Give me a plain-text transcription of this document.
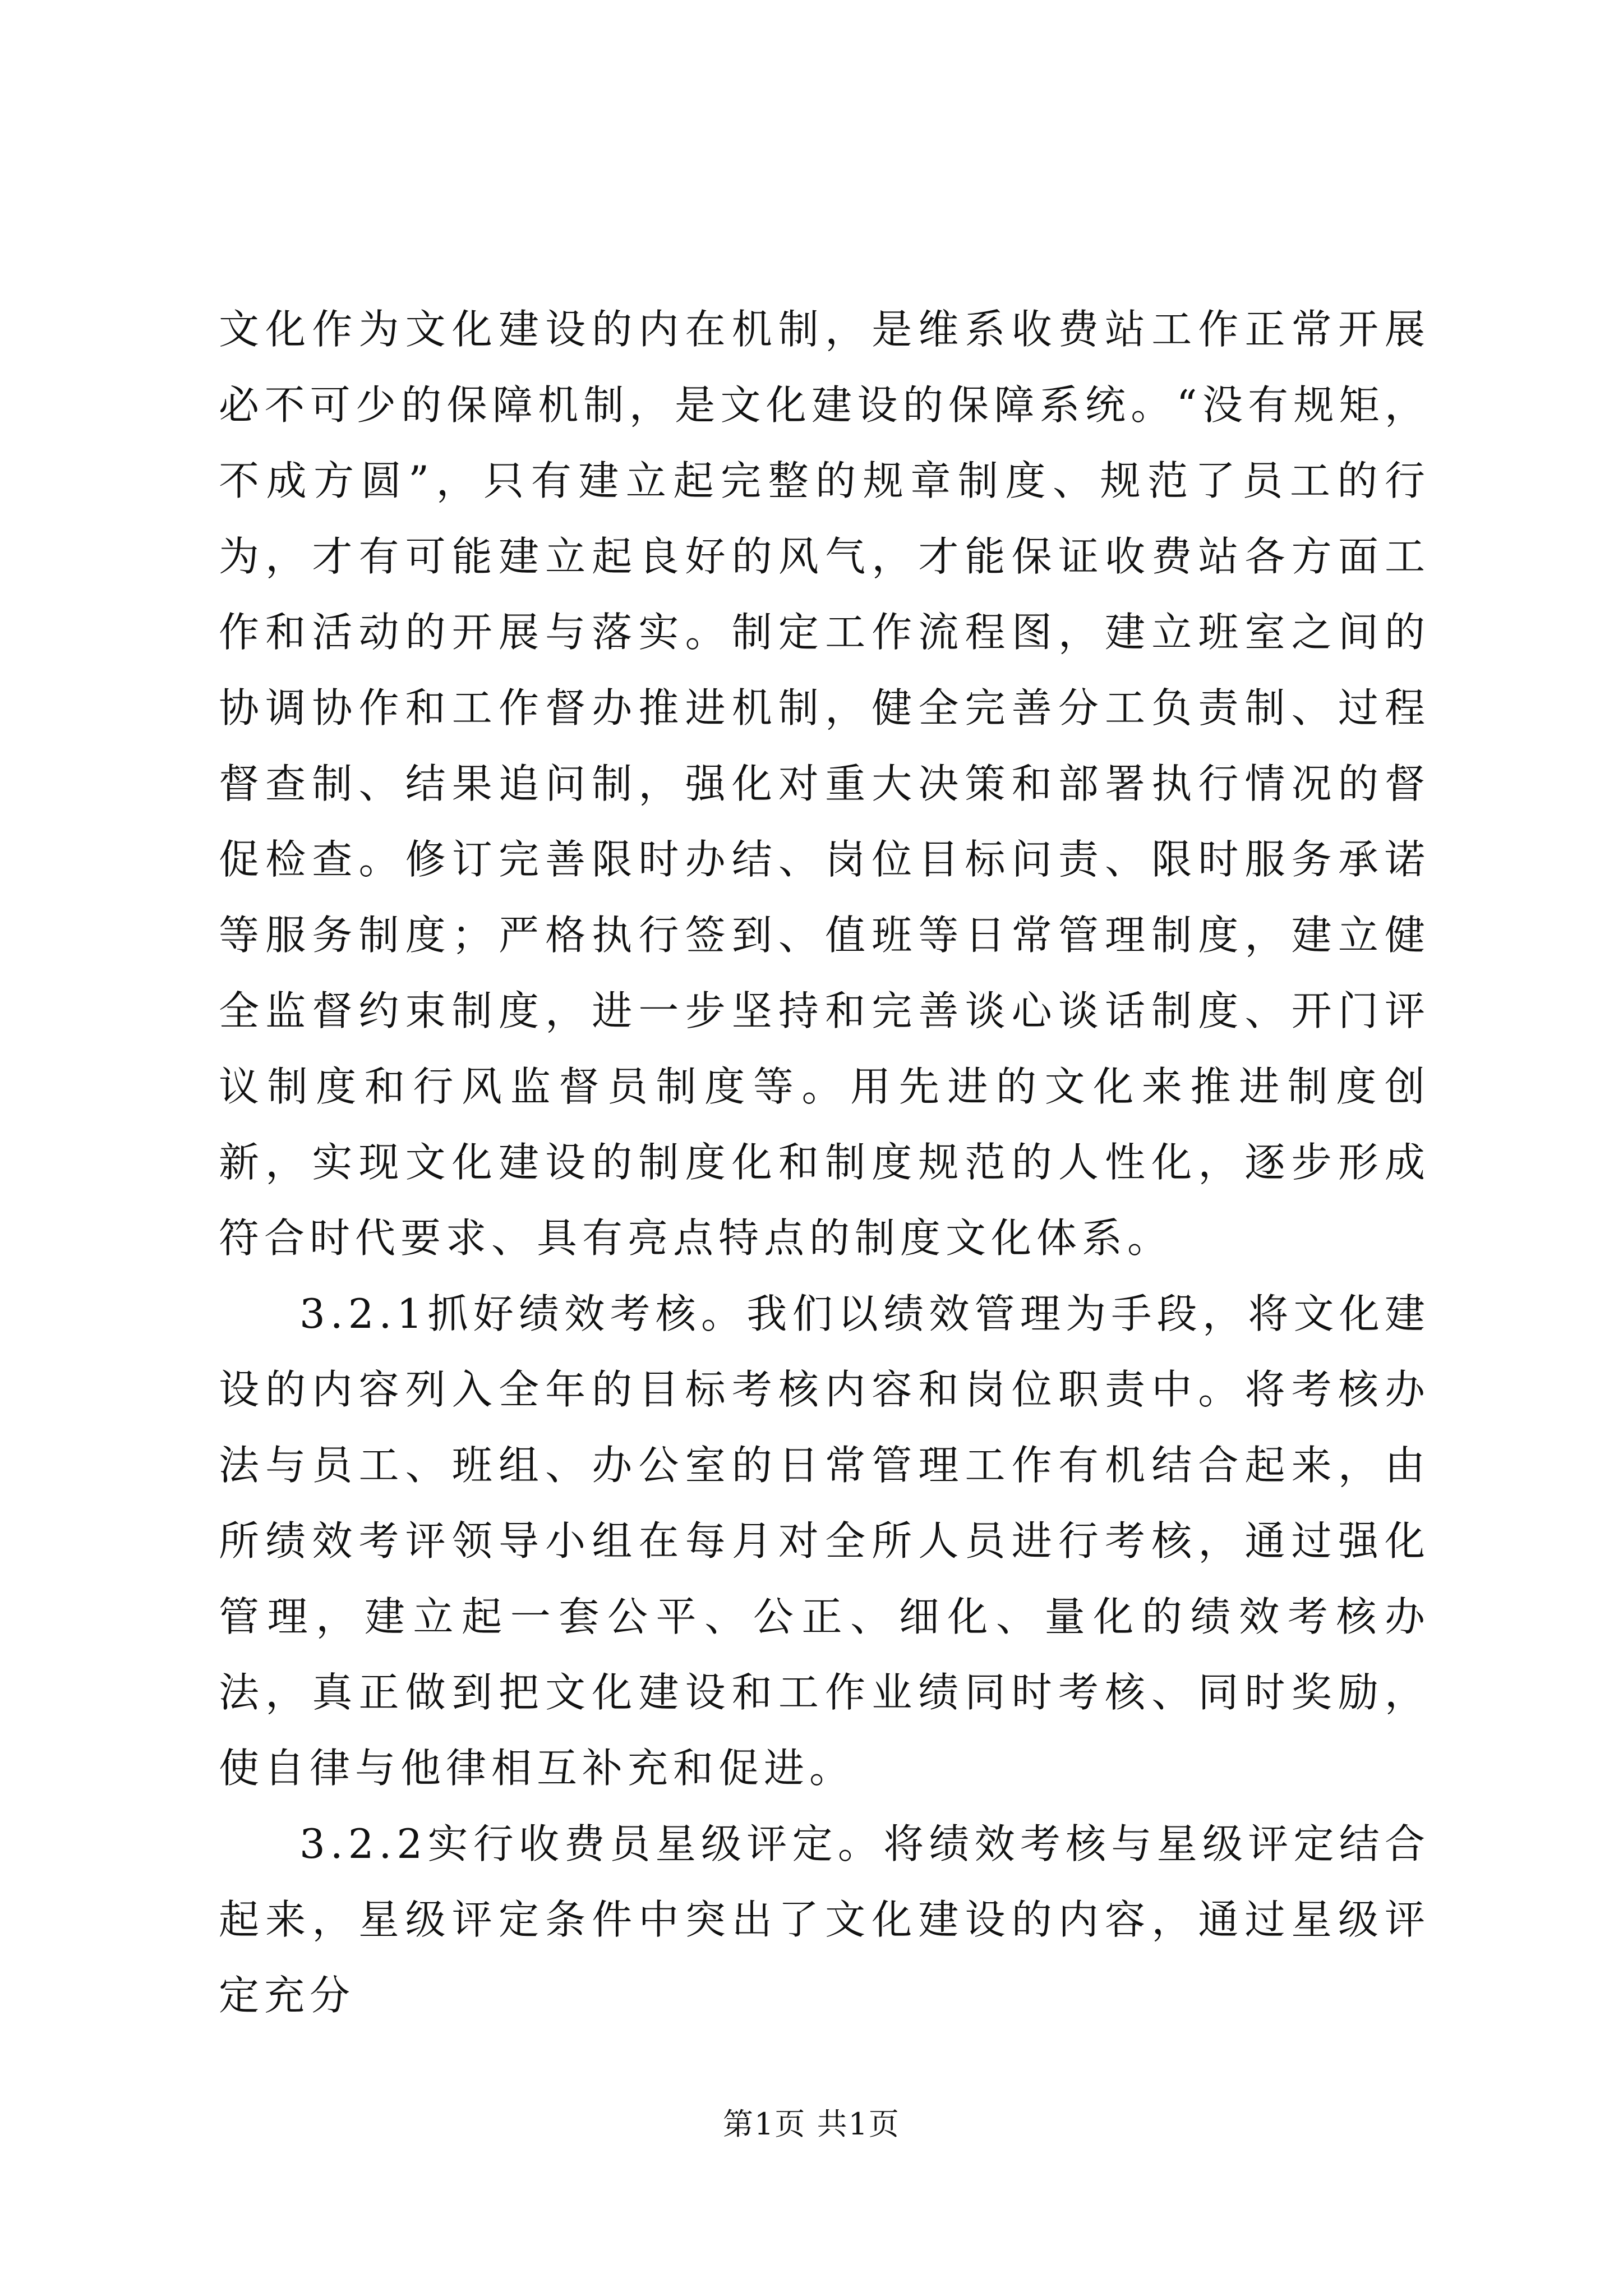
文化作为文化建设的内在机制，是维系收费站工作正常开展必不可少的保障机制，是文化建设的保障系统。“没有规矩，不成方圆”，只有建立起完整的规章制度、规范了员工的行为，才有可能建立起良好的风气，才能保证收费站各方面工作和活动的开展与落实。制定工作流程图，建立班室之间的协调协作和工作督办推进机制，健全完善分工负责制、过程督查制、结果追问制，强化对重大决策和部署执行情况的督促检查。修订完善限时办结、岗位目标问责、限时服务承诺等服务制度；严格执行签到、值班等日常管理制度，建立健全监督约束制度，进一步坚持和完善谈心谈话制度、开门评议制度和行风监督员制度等。用先进的文化来推进制度创新，实现文化建设的制度化和制度规范的人性化，逐步形成符合时代要求、具有亮点特点的制度文化体系。

3.2.1抓好绩效考核。我们以绩效管理为手段，将文化建设的内容列入全年的目标考核内容和岗位职责中。将考核办法与员工、班组、办公室的日常管理工作有机结合起来，由所绩效考评领导小组在每月对全所人员进行考核，通过强化管理，建立起一套公平、公正、细化、量化的绩效考核办法，真正做到把文化建设和工作业绩同时考核、同时奖励，使自律与他律相互补充和促进。

3.2.2实行收费员星级评定。将绩效考核与星级评定结合起来，星级评定条件中突出了文化建设的内容，通过星级评定充分

第1页 共1页
